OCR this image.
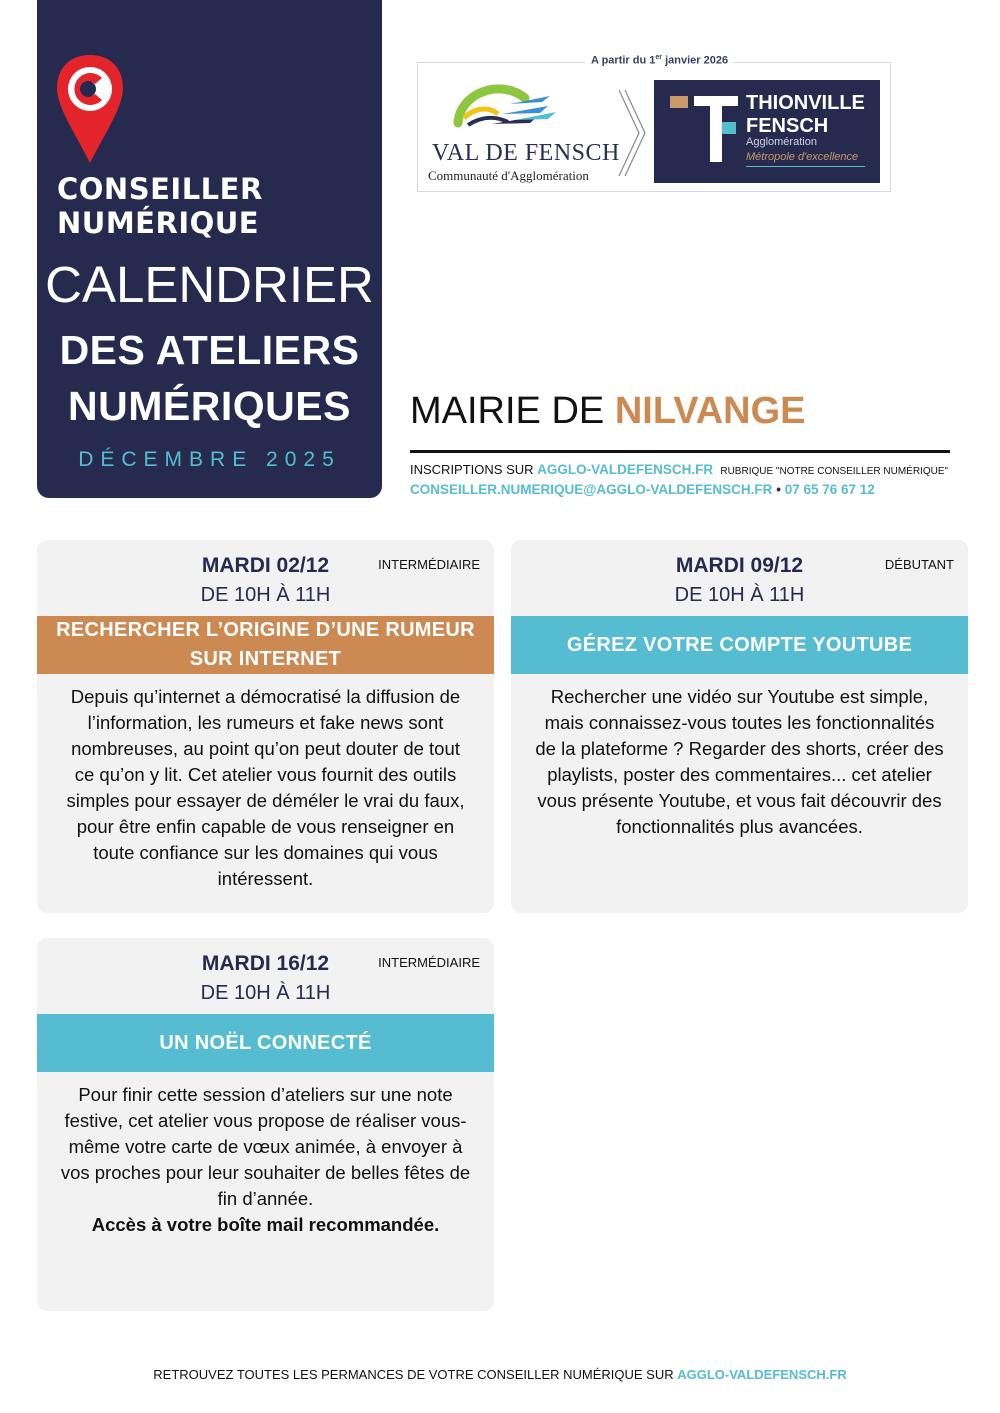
CONSEILLER
NUMÉRIQUE
CALENDRIER
DES ATELIERS
NUMÉRIQUES
DÉCEMBRE 2025
A partir du 1er janvier 2026
VAL DE FENSCH
Communauté d'Agglomération
THIONVILLE
FENSCH
Agglomération
Métropole d'excellence
MAIRIE DE NILVANGE
INSCRIPTIONS SUR AGGLO-VALDEFENSCH.FR RUBRIQUE "NOTRE CONSEILLER NUMÉRIQUE"
CONSEILLER.NUMERIQUE@AGGLO-VALDEFENSCH.FR • 07 65 76 67 12
MARDI 02/12
DE 10H À 11H
INTERMÉDIAIRE
RECHERCHER L’ORIGINE D’UNE RUMEUR SUR INTERNET
Depuis qu’internet a démocratisé la diffusion de l’information, les rumeurs et fake news sont nombreuses, au point qu’on peut douter de tout ce qu’on y lit. Cet atelier vous fournit des outils simples pour essayer de déméler le vrai du faux, pour être enfin capable de vous renseigner en toute confiance sur les domaines qui vous intéressent.
MARDI 09/12
DE 10H À 11H
DÉBUTANT
GÉREZ VOTRE COMPTE YOUTUBE
Rechercher une vidéo sur Youtube est simple, mais connaissez-vous toutes les fonctionnalités de la plateforme ? Regarder des shorts, créer des playlists, poster des commentaires... cet atelier vous présente Youtube, et vous fait découvrir des fonctionnalités plus avancées.
MARDI 16/12
DE 10H À 11H
INTERMÉDIAIRE
UN NOËL CONNECTÉ
Pour finir cette session d’ateliers sur une note festive, cet atelier vous propose de réaliser vous-même votre carte de vœux animée, à envoyer à vos proches pour leur souhaiter de belles fêtes de fin d’année.
Accès à votre boîte mail recommandée.
RETROUVEZ TOUTES LES PERMANCES DE VOTRE CONSEILLER NUMÉRIQUE SUR AGGLO-VALDEFENSCH.FR
